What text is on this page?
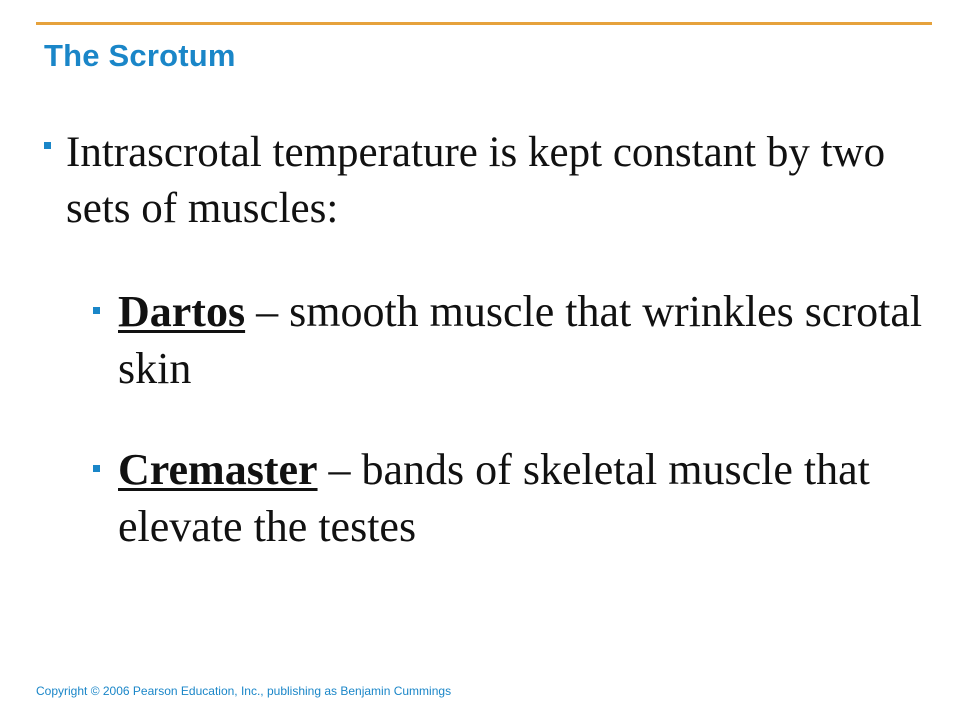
The Scrotum
Intrascrotal temperature is kept constant by two sets of muscles:
Dartos – smooth muscle that wrinkles scrotal skin
Cremaster – bands of skeletal muscle that elevate the testes
Copyright © 2006 Pearson Education, Inc., publishing as Benjamin Cummings
